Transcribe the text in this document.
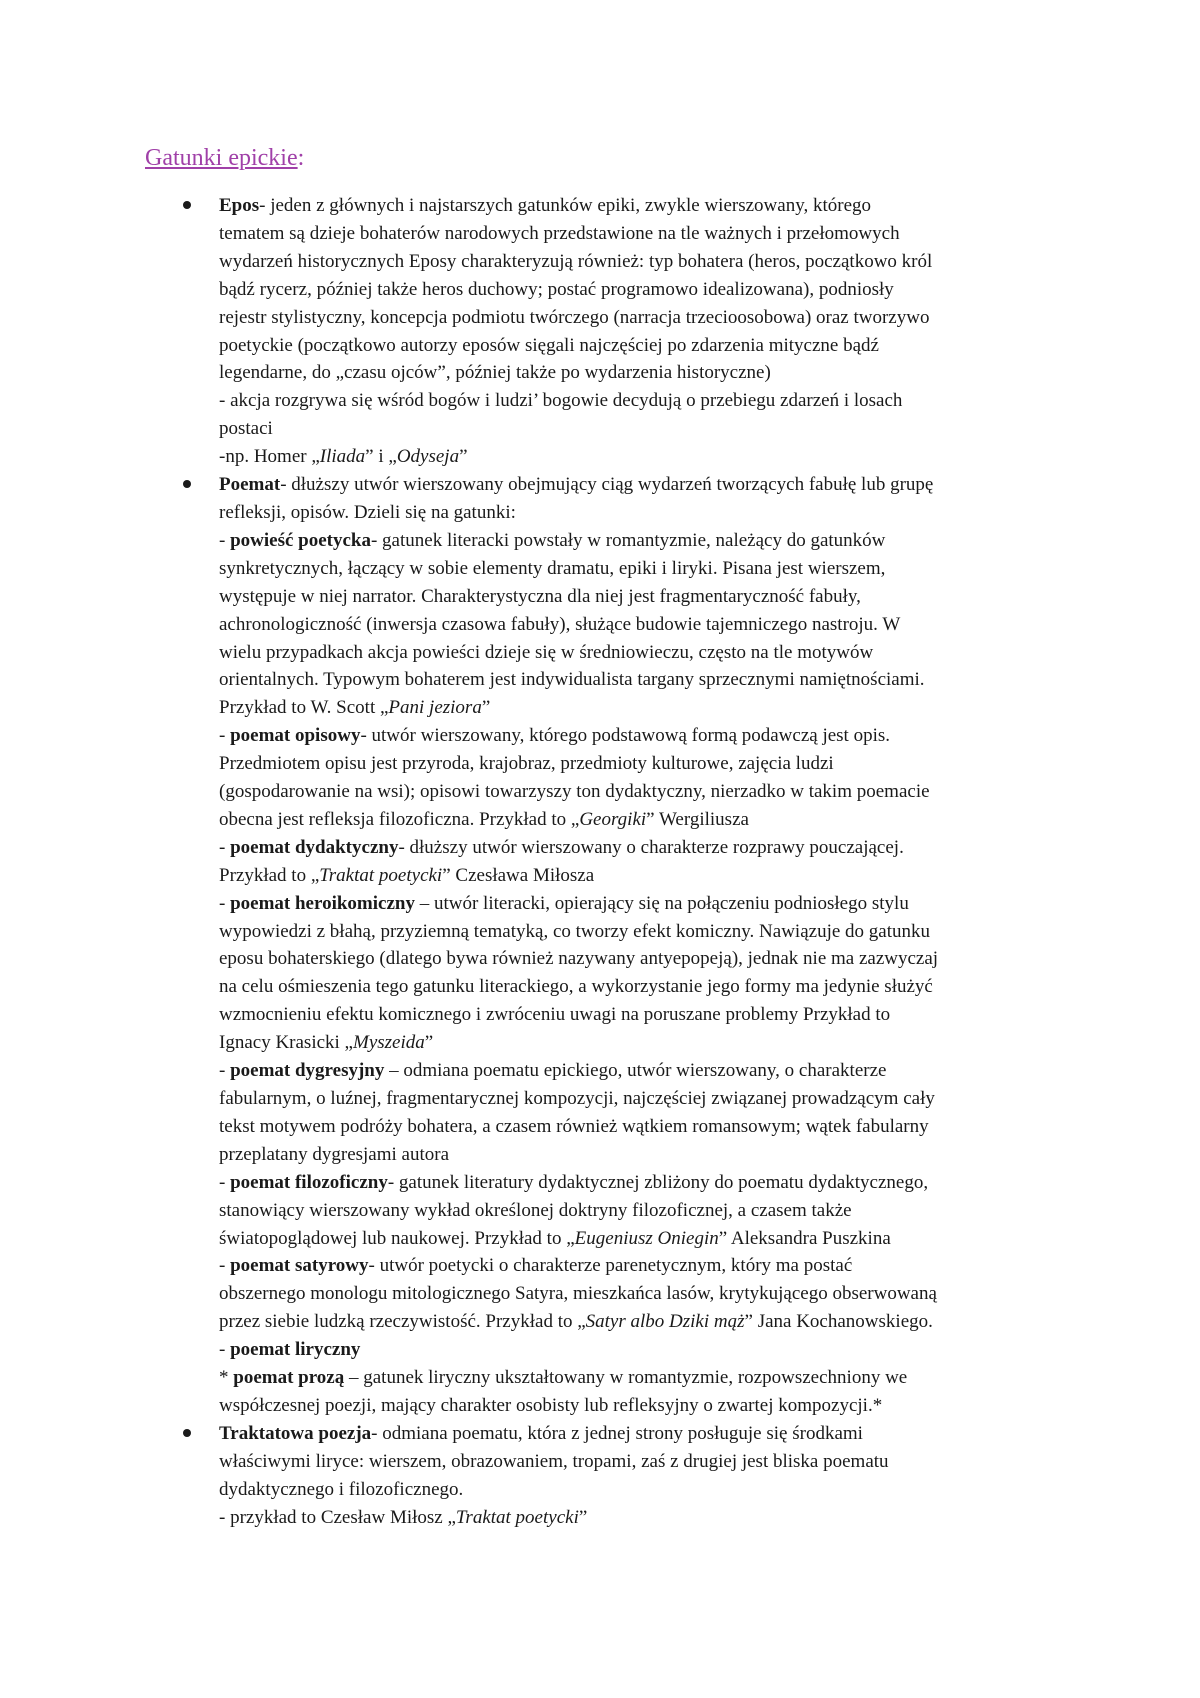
Gatunki epickie:
Epos- jeden z głównych i najstarszych gatunków epiki, zwykle wierszowany, którego
tematem są dzieje bohaterów narodowych przedstawione na tle ważnych i przełomowych
wydarzeń historycznych Eposy charakteryzują również: typ bohatera (heros, początkowo król
bądź rycerz, później także heros duchowy; postać programowo idealizowana), podniosły
rejestr stylistyczny, koncepcja podmiotu twórczego (narracja trzecioosobowa) oraz tworzywo
poetyckie (początkowo autorzy eposów sięgali najczęściej po zdarzenia mityczne bądź
legendarne, do „czasu ojców”, później także po wydarzenia historyczne)
- akcja rozgrywa się wśród bogów i ludzi’ bogowie decydują o przebiegu zdarzeń i losach
postaci
-np. Homer „Iliada” i „Odyseja”
Poemat- dłuższy utwór wierszowany obejmujący ciąg wydarzeń tworzących fabułę lub grupę
refleksji, opisów. Dzieli się na gatunki:
- powieść poetycka- gatunek literacki powstały w romantyzmie, należący do gatunków
synkretycznych, łączący w sobie elementy dramatu, epiki i liryki. Pisana jest wierszem,
występuje w niej narrator. Charakterystyczna dla niej jest fragmentaryczność fabuły,
achronologiczność (inwersja czasowa fabuły), służące budowie tajemniczego nastroju. W
wielu przypadkach akcja powieści dzieje się w średniowieczu, często na tle motywów
orientalnych. Typowym bohaterem jest indywidualista targany sprzecznymi namiętnościami.
Przykład to W. Scott „Pani jeziora”
- poemat opisowy- utwór wierszowany, którego podstawową formą podawczą jest opis.
Przedmiotem opisu jest przyroda, krajobraz, przedmioty kulturowe, zajęcia ludzi
(gospodarowanie na wsi); opisowi towarzyszy ton dydaktyczny, nierzadko w takim poemacie
obecna jest refleksja filozoficzna. Przykład to „Georgiki” Wergiliusza
- poemat dydaktyczny- dłuższy utwór wierszowany o charakterze rozprawy pouczającej.
Przykład to „Traktat poetycki” Czesława Miłosza
- poemat heroikomiczny – utwór literacki, opierający się na połączeniu podniosłego stylu
wypowiedzi z błahą, przyziemną tematyką, co tworzy efekt komiczny. Nawiązuje do gatunku
eposu bohaterskiego (dlatego bywa również nazywany antyepopeją), jednak nie ma zazwyczaj
na celu ośmieszenia tego gatunku literackiego, a wykorzystanie jego formy ma jedynie służyć
wzmocnieniu efektu komicznego i zwróceniu uwagi na poruszane problemy Przykład to
Ignacy Krasicki „Myszeida”
- poemat dygresyjny – odmiana poematu epickiego, utwór wierszowany, o charakterze
fabularnym, o luźnej, fragmentarycznej kompozycji, najczęściej związanej prowadzącym cały
tekst motywem podróży bohatera, a czasem również wątkiem romansowym; wątek fabularny
przeplatany dygresjami autora
- poemat filozoficzny- gatunek literatury dydaktycznej zbliżony do poematu dydaktycznego,
stanowiący wierszowany wykład określonej doktryny filozoficznej, a czasem także
światopoglądowej lub naukowej. Przykład to „Eugeniusz Oniegin” Aleksandra Puszkina
- poemat satyrowy- utwór poetycki o charakterze parenetycznym, który ma postać
obszernego monologu mitologicznego Satyra, mieszkańca lasów, krytykującego obserwowaną
przez siebie ludzką rzeczywistość. Przykład to „Satyr albo Dziki mąż” Jana Kochanowskiego.
- poemat liryczny
* poemat prozą – gatunek liryczny ukształtowany w romantyzmie, rozpowszechniony we
współczesnej poezji, mający charakter osobisty lub refleksyjny o zwartej kompozycji.*
Traktatowa poezja- odmiana poematu, która z jednej strony posługuje się środkami
właściwymi liryce: wierszem, obrazowaniem, tropami, zaś z drugiej jest bliska poematu
dydaktycznego i filozoficznego.
- przykład to Czesław Miłosz „Traktat poetycki”
